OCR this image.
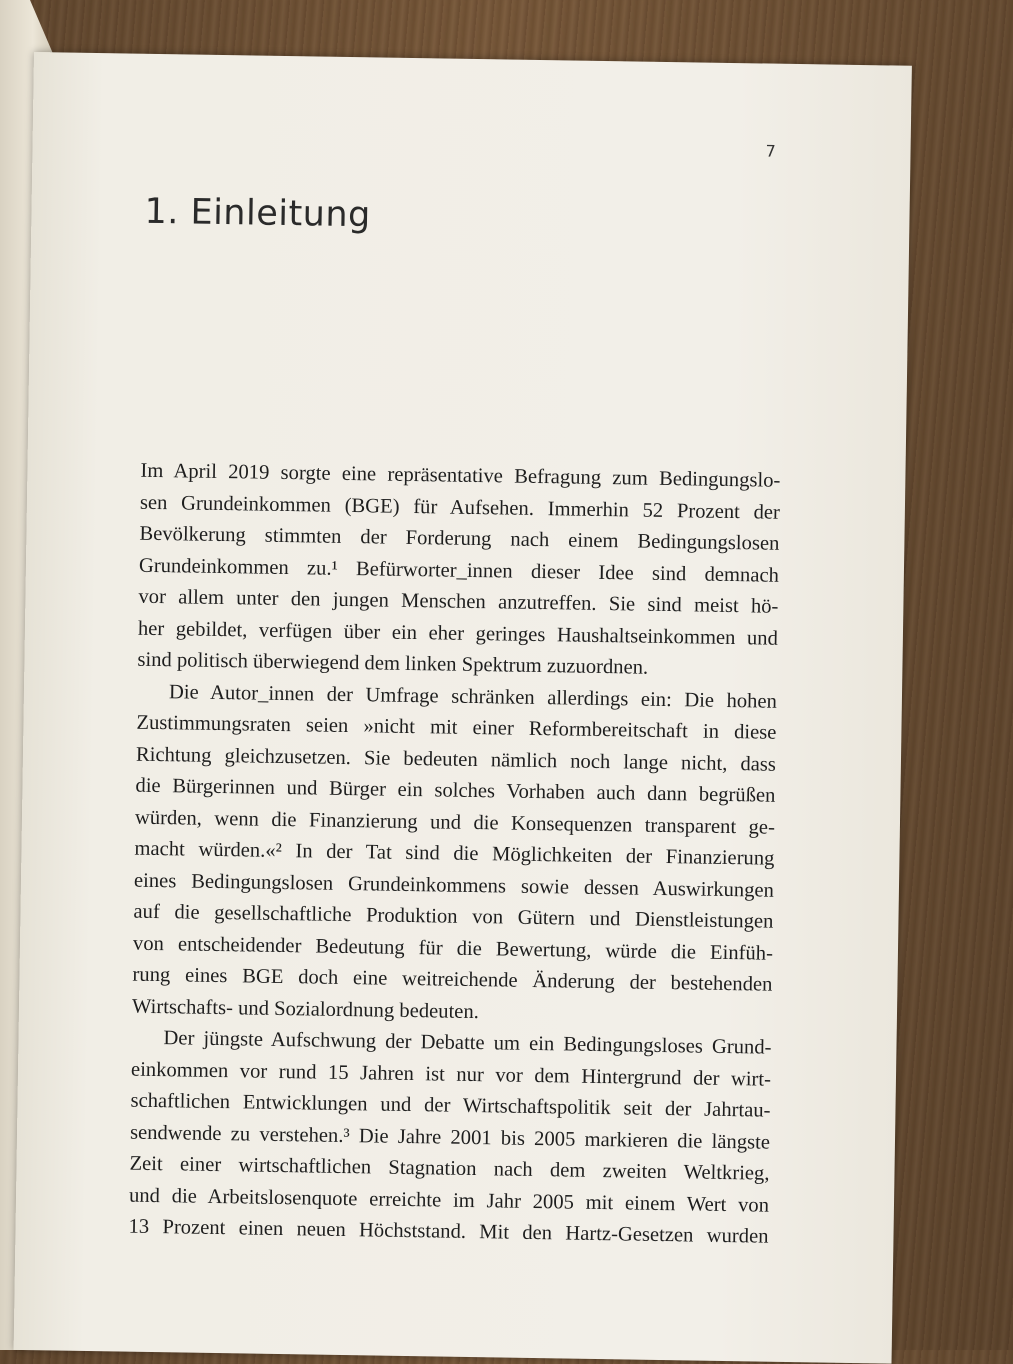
7
1. Einleitung

Im April 2019 sorgte eine repräsentative Befragung zum Bedingungslo-
sen Grundeinkommen (BGE) für Aufsehen. Immerhin 52 Prozent der
Bevölkerung stimmten der Forderung nach einem Bedingungslosen
Grundeinkommen zu.¹ Befürworter_innen dieser Idee sind demnach
vor allem unter den jungen Menschen anzutreffen. Sie sind meist hö-
her gebildet, verfügen über ein eher geringes Haushaltseinkommen und
sind politisch überwiegend dem linken Spektrum zuzuordnen.

Die Autor_innen der Umfrage schränken allerdings ein: Die hohen
Zustimmungsraten seien »nicht mit einer Reformbereitschaft in diese
Richtung gleichzusetzen. Sie bedeuten nämlich noch lange nicht, dass
die Bürgerinnen und Bürger ein solches Vorhaben auch dann begrüßen
würden, wenn die Finanzierung und die Konsequenzen transparent ge-
macht würden.«² In der Tat sind die Möglichkeiten der Finanzierung
eines Bedingungslosen Grundeinkommens sowie dessen Auswirkungen
auf die gesellschaftliche Produktion von Gütern und Dienstleistungen
von entscheidender Bedeutung für die Bewertung, würde die Einfüh-
rung eines BGE doch eine weitreichende Änderung der bestehenden
Wirtschafts- und Sozialordnung bedeuten.

Der jüngste Aufschwung der Debatte um ein Bedingungsloses Grund-
einkommen vor rund 15 Jahren ist nur vor dem Hintergrund der wirt-
schaftlichen Entwicklungen und der Wirtschaftspolitik seit der Jahrtau-
sendwende zu verstehen.³ Die Jahre 2001 bis 2005 markieren die längste
Zeit einer wirtschaftlichen Stagnation nach dem zweiten Weltkrieg,
und die Arbeitslosenquote erreichte im Jahr 2005 mit einem Wert von
13 Prozent einen neuen Höchststand. Mit den Hartz-Gesetzen wurden
